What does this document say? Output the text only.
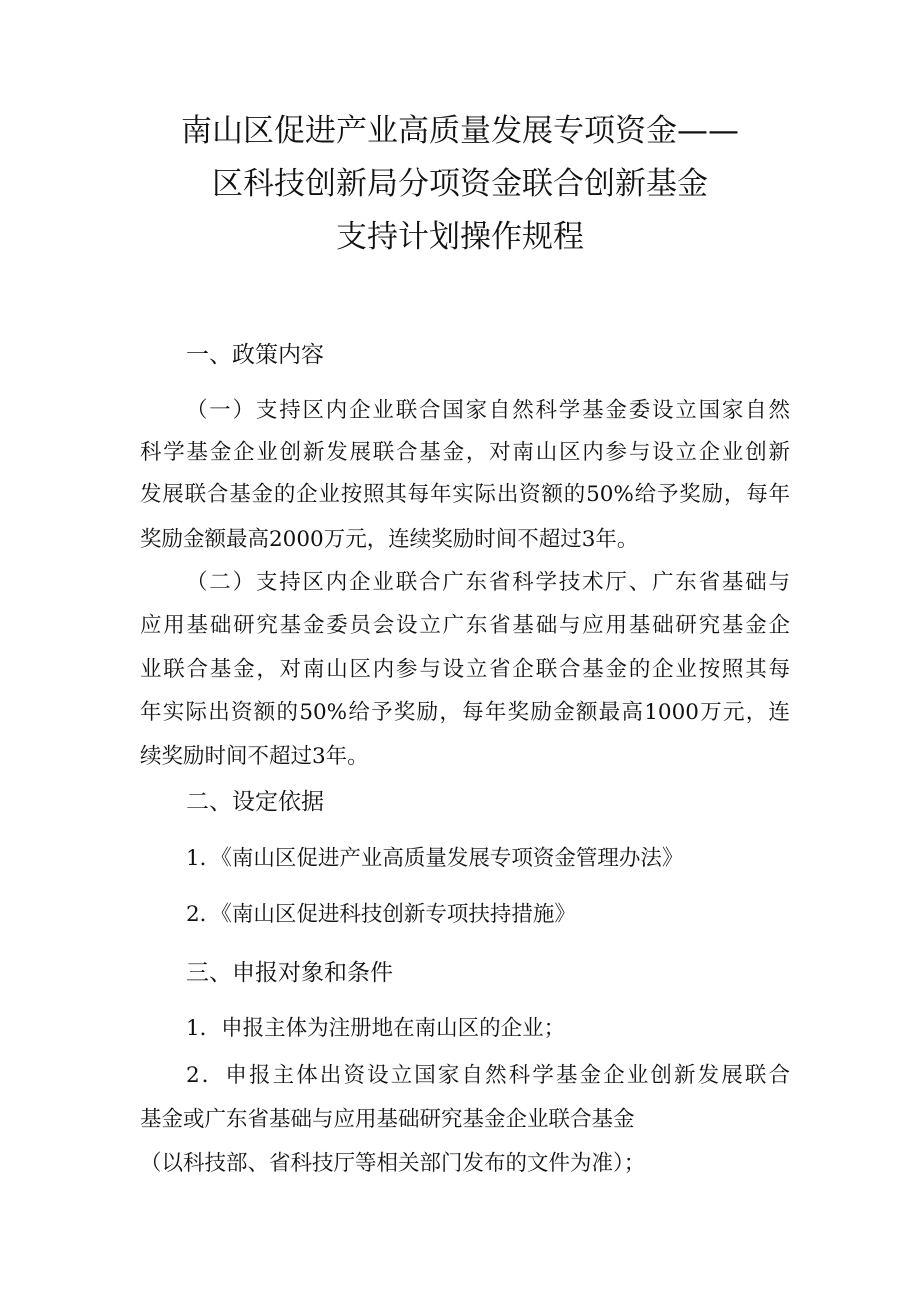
南山区促进产业高质量发展专项资金——
区科技创新局分项资金联合创新基金
支持计划操作规程
一、政策内容
（一）支持区内企业联合国家自然科学基金委设立国家自然
科学基金企业创新发展联合基金，对南山区内参与设立企业创新
发展联合基金的企业按照其每年实际出资额的50%给予奖励，每年
奖励金额最高2000万元，连续奖励时间不超过3年。
（二）支持区内企业联合广东省科学技术厅、广东省基础与
应用基础研究基金委员会设立广东省基础与应用基础研究基金企
业联合基金，对南山区内参与设立省企联合基金的企业按照其每
年实际出资额的50%给予奖励，每年奖励金额最高1000万元，连
续奖励时间不超过3年。
二、设定依据
1．《南山区促进产业高质量发展专项资金管理办法》
2．《南山区促进科技创新专项扶持措施》
三、申报对象和条件
1．申报主体为注册地在南山区的企业；
2．申报主体出资设立国家自然科学基金企业创新发展联合
基金或广东省基础与应用基础研究基金企业联合基金
（以科技部、省科技厅等相关部门发布的文件为准）；
